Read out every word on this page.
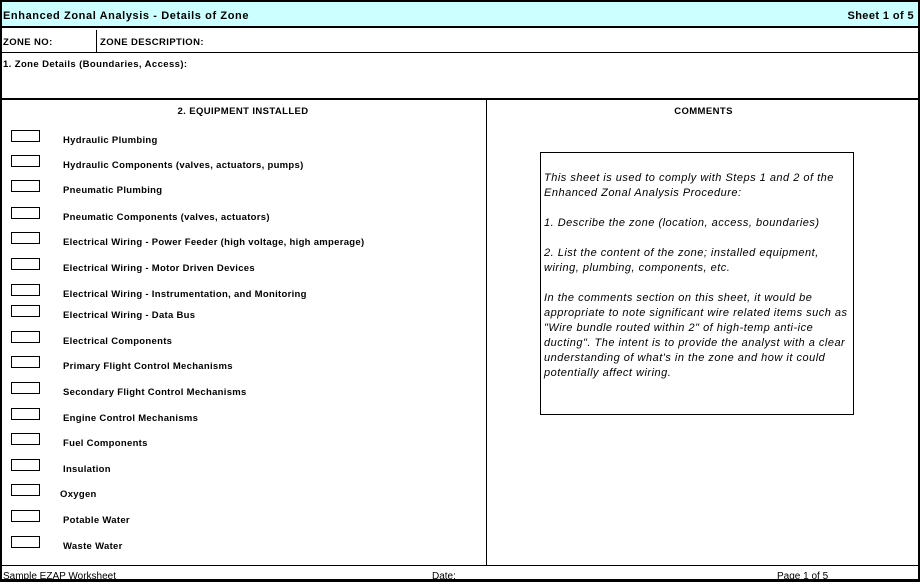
Enhanced Zonal Analysis - Details of Zone	Sheet 1 of 5
ZONE NO:	ZONE DESCRIPTION:
1. Zone Details (Boundaries, Access):
2. EQUIPMENT INSTALLED	COMMENTS
Hydraulic Plumbing
Hydraulic Components (valves, actuators, pumps)
Pneumatic Plumbing
Pneumatic Components (valves, actuators)
Electrical Wiring - Power Feeder (high voltage, high amperage)
Electrical Wiring - Motor Driven Devices
Electrical Wiring - Instrumentation, and Monitoring
Electrical Wiring - Data Bus
Electrical Components
Primary Flight Control Mechanisms
Secondary Flight Control Mechanisms
Engine Control Mechanisms
Fuel Components
Insulation
Oxygen
Potable Water
Waste Water

This sheet is used to comply with Steps 1 and 2 of the Enhanced Zonal Analysis Procedure:

1. Describe the zone (location, access, boundaries)

2. List the content of the zone; installed equipment, wiring, plumbing, components, etc.

In the comments section on this sheet, it would be appropriate to note significant wire related items such as "Wire bundle routed within 2" of high-temp anti-ice ducting". The intent is to provide the analyst with a clear understanding of what's in the zone and how it could potentially affect wiring.

Sample EZAP Worksheet	Date:	Page 1 of 5
